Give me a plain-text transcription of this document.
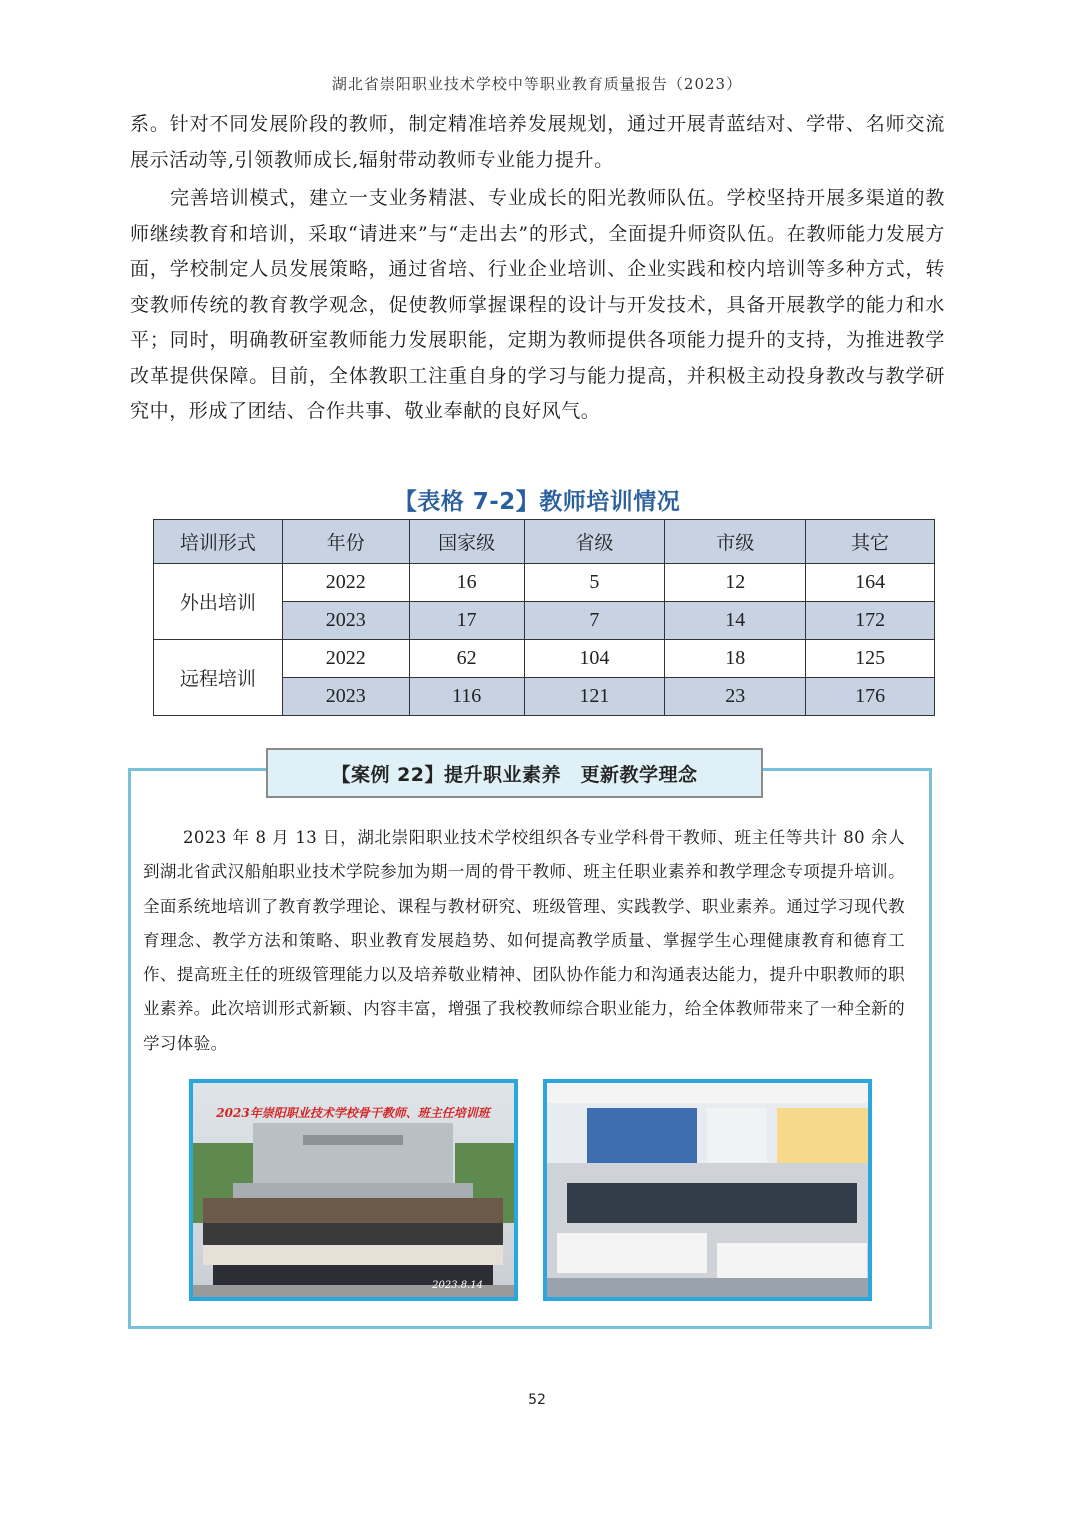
湖北省崇阳职业技术学校中等职业教育质量报告（2023）

系。针对不同发展阶段的教师，制定精准培养发展规划，通过开展青蓝结对、学带、名师交流展示活动等,引领教师成长,辐射带动教师专业能力提升。

完善培训模式，建立一支业务精湛、专业成长的阳光教师队伍。学校坚持开展多渠道的教师继续教育和培训，采取“请进来”与“走出去”的形式，全面提升师资队伍。在教师能力发展方面，学校制定人员发展策略，通过省培、行业企业培训、企业实践和校内培训等多种方式，转变教师传统的教育教学观念，促使教师掌握课程的设计与开发技术，具备开展教学的能力和水平；同时，明确教研室教师能力发展职能，定期为教师提供各项能力提升的支持，为推进教学改革提供保障。目前，全体教职工注重自身的学习与能力提高，并积极主动投身教改与教学研究中，形成了团结、合作共事、敬业奉献的良好风气。

【表格 7-2】教师培训情况
培训形式	年份	国家级	省级	市级	其它
外出培训	2022	16	5	12	164
	2023	17	7	14	172
远程培训	2022	62	104	18	125
	2023	116	121	23	176
【案例 22】提升职业素养　更新教学理念

2023 年 8 月 13 日，湖北崇阳职业技术学校组织各专业学科骨干教师、班主任等共计 80 余人到湖北省武汉船舶职业技术学院参加为期一周的骨干教师、班主任职业素养和教学理念专项提升培训。全面系统地培训了教育教学理论、课程与教材研究、班级管理、实践教学、职业素养。通过学习现代教育理念、教学方法和策略、职业教育发展趋势、如何提高教学质量、掌握学生心理健康教育和德育工作、提高班主任的班级管理能力以及培养敬业精神、团队协作能力和沟通表达能力，提升中职教师的职业素养。此次培训形式新颖、内容丰富，增强了我校教师综合职业能力，给全体教师带来了一种全新的学习体验。

2023年崇阳职业技术学校骨干教师、班主任培训班
2023.8.14
52
